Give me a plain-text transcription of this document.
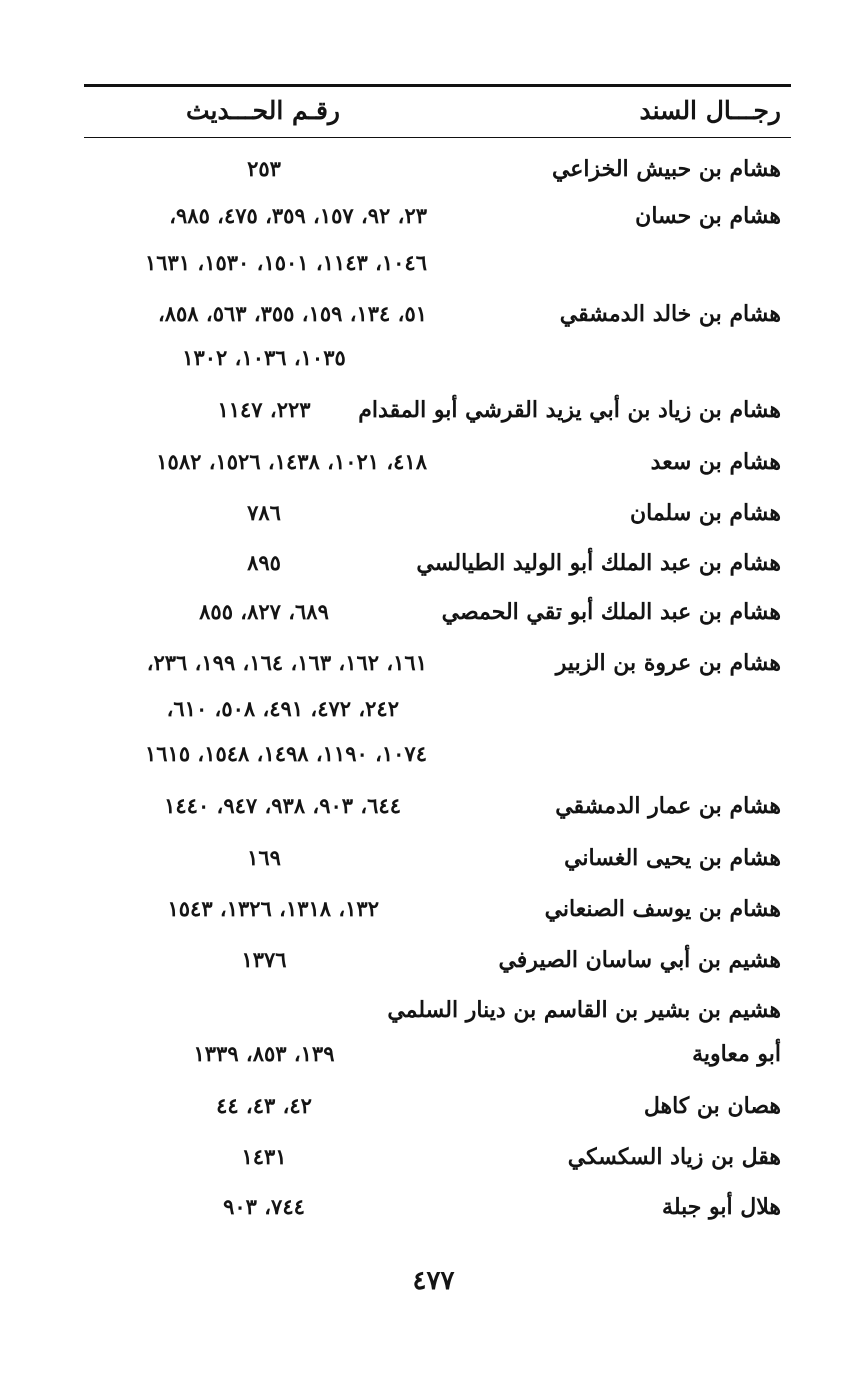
رجـــال السند
رقـم الحـــديث
هشام بن حبيش الخزاعي
٢٥٣
هشام بن حسان
٢٣، ٩٢، ١٥٧، ٣٥٩، ٤٧٥، ٩٨٥،
١٠٤٦، ١١٤٣، ١٥٠١، ١٥٣٠، ١٦٣١
هشام بن خالد الدمشقي
٥١، ١٣٤، ١٥٩، ٣٥٥، ٥٦٣، ٨٥٨،
١٠٣٥، ١٠٣٦، ١٣٠٢
هشام بن زياد بن أبي يزيد القرشي أبو المقدام
٢٢٣، ١١٤٧
هشام بن سعد
٤١٨، ١٠٢١، ١٤٣٨، ١٥٢٦، ١٥٨٢
هشام بن سلمان
٧٨٦
هشام بن عبد الملك أبو الوليد الطيالسي
٨٩٥
هشام بن عبد الملك أبو تقي الحمصي
٦٨٩، ٨٢٧، ٨٥٥
هشام بن عروة بن الزبير
١٦١، ١٦٢، ١٦٣، ١٦٤، ١٩٩، ٢٣٦،
٢٤٢، ٤٧٢، ٤٩١، ٥٠٨، ٦١٠،
١٠٧٤، ١١٩٠، ١٤٩٨، ١٥٤٨، ١٦١٥
هشام بن عمار الدمشقي
٦٤٤، ٩٠٣، ٩٣٨، ٩٤٧، ١٤٤٠
هشام بن يحيى الغساني
١٦٩
هشام بن يوسف الصنعاني
١٣٢، ١٣١٨، ١٣٢٦، ١٥٤٣
هشيم بن أبي ساسان الصيرفي
١٣٧٦
هشيم بن بشير بن القاسم بن دينار السلمي
أبو معاوية
١٣٩، ٨٥٣، ١٣٣٩
هصان بن كاهل
٤٢، ٤٣، ٤٤
هقل بن زياد السكسكي
١٤٣١
هلال أبو جبلة
٧٤٤، ٩٠٣
٤٧٧
